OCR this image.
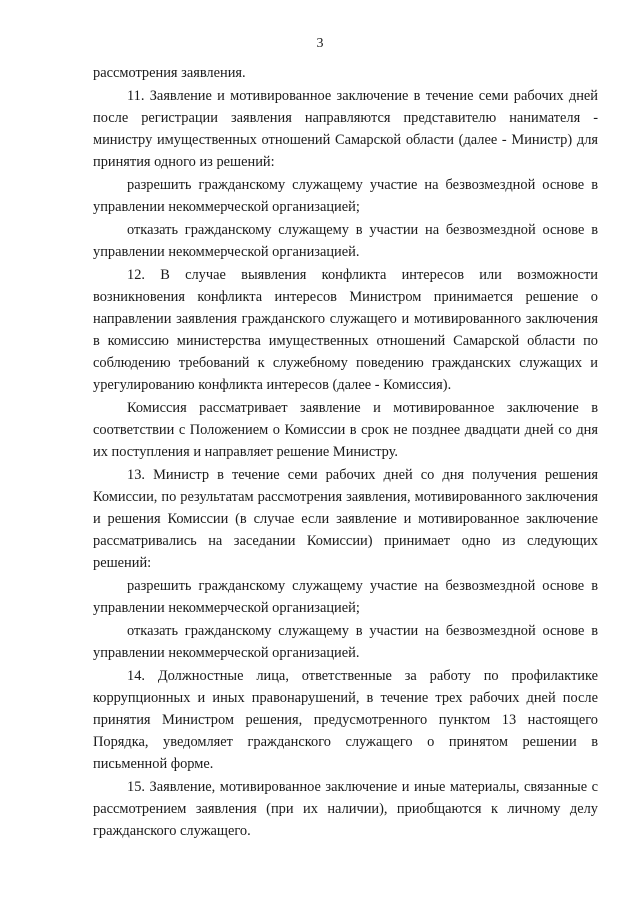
3

рассмотрения заявления.

11. Заявление и мотивированное заключение в течение семи рабочих дней после регистрации заявления направляются представителю нанимателя - министру имущественных отношений Самарской области (далее - Министр) для принятия одного из решений:

разрешить гражданскому служащему участие на безвозмездной основе в управлении некоммерческой организацией;

отказать гражданскому служащему в участии на безвозмездной основе в управлении некоммерческой организацией.

12. В случае выявления конфликта интересов или возможности возникновения конфликта интересов Министром принимается решение о направлении заявления гражданского служащего и мотивированного заключения в комиссию министерства имущественных отношений Самарской области по соблюдению требований к служебному поведению гражданских служащих и урегулированию конфликта интересов (далее - Комиссия).

Комиссия рассматривает заявление и мотивированное заключение в соответствии с Положением о Комиссии в срок не позднее двадцати дней со дня их поступления и направляет решение Министру.

13. Министр в течение семи рабочих дней со дня получения решения Комиссии, по результатам рассмотрения заявления, мотивированного заключения и решения Комиссии (в случае если заявление и мотивированное заключение рассматривались на заседании Комиссии) принимает одно из следующих решений:

разрешить гражданскому служащему участие на безвозмездной основе в управлении некоммерческой организацией;

отказать гражданскому служащему в участии на безвозмездной основе в управлении некоммерческой организацией.

14. Должностные лица, ответственные за работу по профилактике коррупционных и иных правонарушений, в течение трех рабочих дней после принятия Министром решения, предусмотренного пунктом 13 настоящего Порядка, уведомляет гражданского служащего о принятом решении в письменной форме.

15. Заявление, мотивированное заключение и иные материалы, связанные с рассмотрением заявления (при их наличии), приобщаются к личному делу гражданского служащего.
